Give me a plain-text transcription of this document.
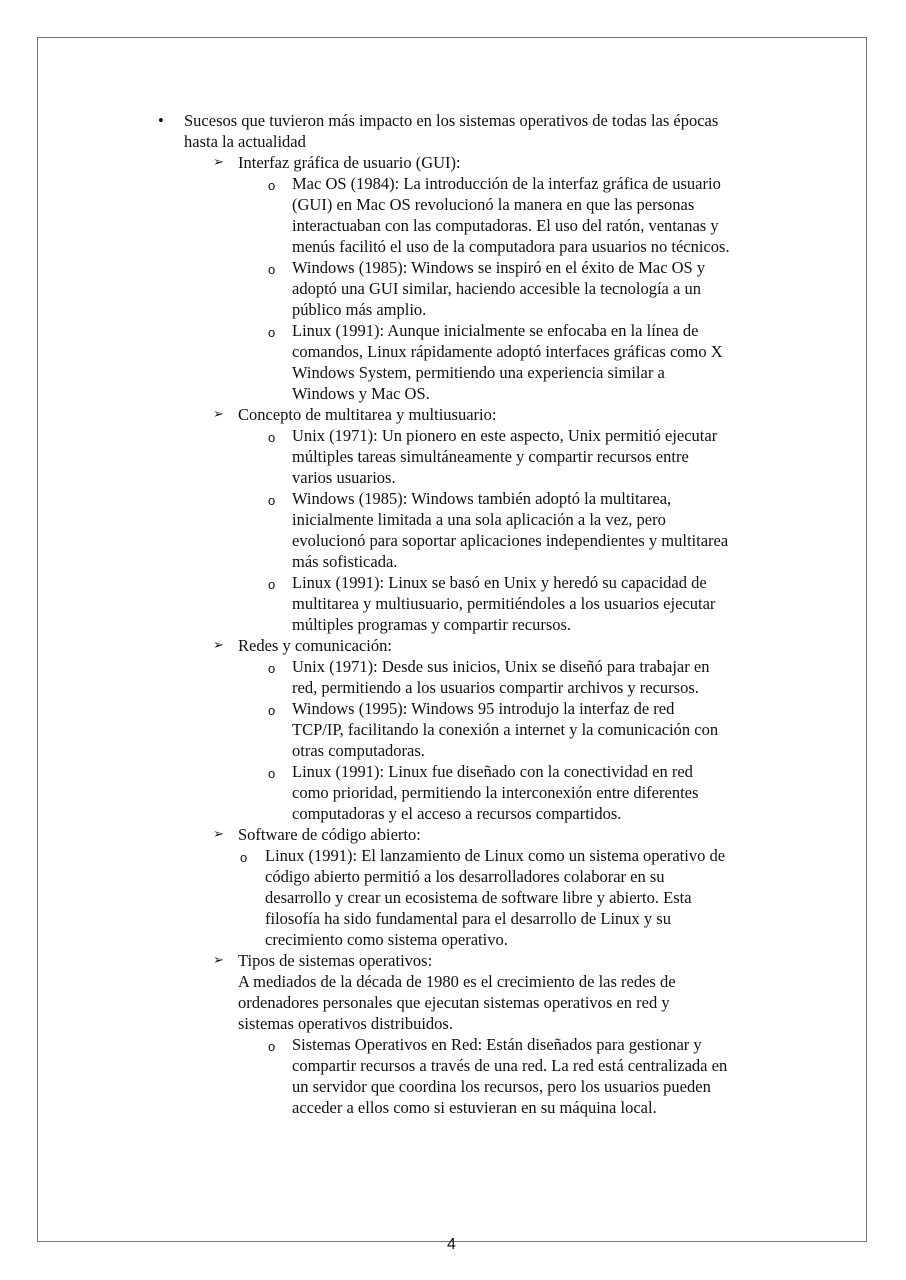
• Sucesos que tuvieron más impacto en los sistemas operativos de todas las épocas
hasta la actualidad
➢ Interfaz gráfica de usuario (GUI):
o Mac OS (1984): La introducción de la interfaz gráfica de usuario
(GUI) en Mac OS revolucionó la manera en que las personas
interactuaban con las computadoras. El uso del ratón, ventanas y
menús facilitó el uso de la computadora para usuarios no técnicos.
o Windows (1985): Windows se inspiró en el éxito de Mac OS y
adoptó una GUI similar, haciendo accesible la tecnología a un
público más amplio.
o Linux (1991): Aunque inicialmente se enfocaba en la línea de
comandos, Linux rápidamente adoptó interfaces gráficas como X
Windows System, permitiendo una experiencia similar a
Windows y Mac OS.
➢ Concepto de multitarea y multiusuario:
o Unix (1971): Un pionero en este aspecto, Unix permitió ejecutar
múltiples tareas simultáneamente y compartir recursos entre
varios usuarios.
o Windows (1985): Windows también adoptó la multitarea,
inicialmente limitada a una sola aplicación a la vez, pero
evolucionó para soportar aplicaciones independientes y multitarea
más sofisticada.
o Linux (1991): Linux se basó en Unix y heredó su capacidad de
multitarea y multiusuario, permitiéndoles a los usuarios ejecutar
múltiples programas y compartir recursos.
➢ Redes y comunicación:
o Unix (1971): Desde sus inicios, Unix se diseñó para trabajar en
red, permitiendo a los usuarios compartir archivos y recursos.
o Windows (1995): Windows 95 introdujo la interfaz de red
TCP/IP, facilitando la conexión a internet y la comunicación con
otras computadoras.
o Linux (1991): Linux fue diseñado con la conectividad en red
como prioridad, permitiendo la interconexión entre diferentes
computadoras y el acceso a recursos compartidos.
➢ Software de código abierto:
o Linux (1991): El lanzamiento de Linux como un sistema operativo de
código abierto permitió a los desarrolladores colaborar en su
desarrollo y crear un ecosistema de software libre y abierto. Esta
filosofía ha sido fundamental para el desarrollo de Linux y su
crecimiento como sistema operativo.
➢ Tipos de sistemas operativos:
A mediados de la década de 1980 es el crecimiento de las redes de
ordenadores personales que ejecutan sistemas operativos en red y
sistemas operativos distribuidos.
o Sistemas Operativos en Red: Están diseñados para gestionar y
compartir recursos a través de una red. La red está centralizada en
un servidor que coordina los recursos, pero los usuarios pueden
acceder a ellos como si estuvieran en su máquina local.
4
